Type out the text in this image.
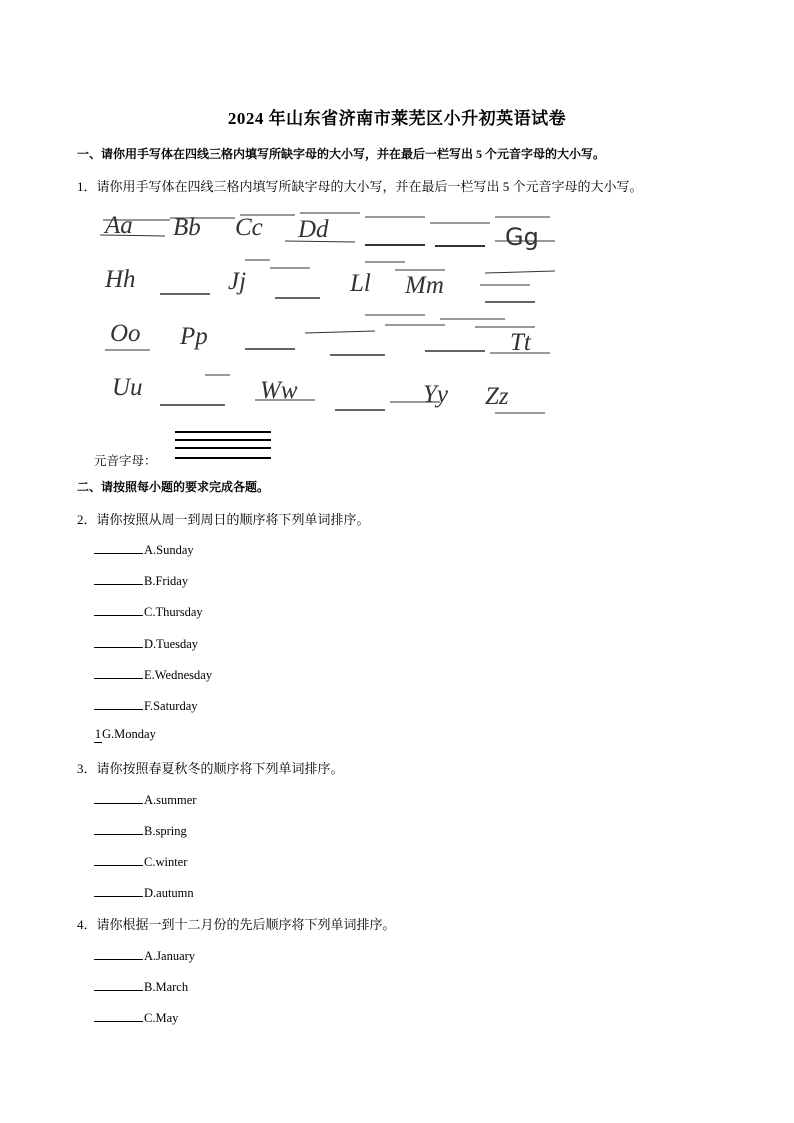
2024 年山东省济南市莱芜区小升初英语试卷
一、请你用手写体在四线三格内填写所缺字母的大小写，并在最后一栏写出 5 个元音字母的大小写。
1．请你用手写体在四线三格内填写所缺字母的大小写，并在最后一栏写出 5 个元音字母的大小写。
Aa Bb Cc Dd	Gg
Hh	Jj	Ll Mm
Oo Pp	Tt
Uu	Ww	Yy Zz
元音字母：
二、请按照每小题的要求完成各题。
2．请你按照从周一到周日的顺序将下列单词排序。
A.Sunday
B.Friday
C.Thursday
D.Tuesday
E.Wednesday
F.Saturday
1G.Monday
3．请你按照春夏秋冬的顺序将下列单词排序。
A.summer
B.spring
C.winter
D.autumn
4．请你根据一到十二月份的先后顺序将下列单词排序。
A.January
B.March
C.May
